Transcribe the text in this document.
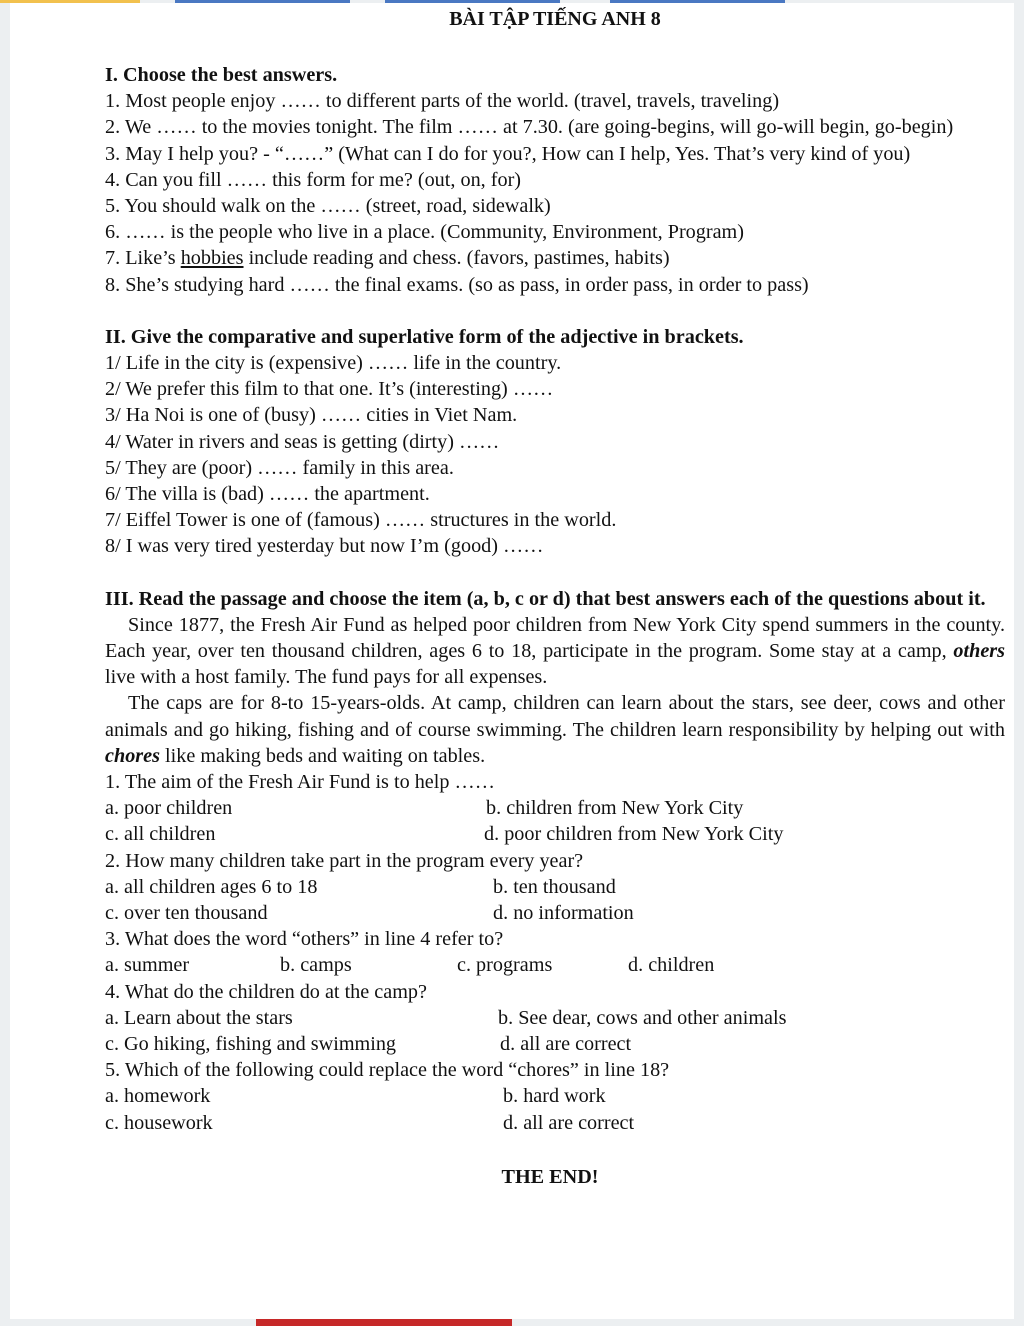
BÀI TẬP TIẾNG ANH 8
I. Choose the best answers.
1. Most people enjoy …… to different parts of the world. (travel, travels, traveling)
2. We …… to the movies tonight. The film …… at 7.30. (are going-begins, will go-will begin, go-begin)
3. May I help you? - “……” (What can I do for you?, How can I help, Yes. That’s very kind of you)
4. Can you fill …… this form for me? (out, on, for)
5. You should walk on the …… (street, road, sidewalk)
6. …… is the people who live in a place. (Community, Environment, Program)
7. Like’s hobbies include reading and chess. (favors, pastimes, habits)
8. She’s studying hard …… the final exams. (so as pass, in order pass, in order to pass)
II. Give the comparative and superlative form of the adjective in brackets.
1/ Life in the city is (expensive) …… life in the country.
2/ We prefer this film to that one. It’s (interesting) ……
3/ Ha Noi is one of (busy) …… cities in Viet Nam.
4/ Water in rivers and seas is getting (dirty) ……
5/ They are (poor) …… family in this area.
6/ The villa is (bad) …… the apartment.
7/ Eiffel Tower is one of (famous) …… structures in the world.
8/ I was very tired yesterday but now I’m (good) ……
III. Read the passage and choose the item (a, b, c or d) that best answers each of the questions about it.
Since 1877, the Fresh Air Fund as helped poor children from New York City spend summers in the county. Each year, over ten thousand children, ages 6 to 18, participate in the program. Some stay at a camp, others live with a host family. The fund pays for all expenses.
The caps are for 8-to 15-years-olds. At camp, children can learn about the stars, see deer, cows and other animals and go hiking, fishing and of course swimming. The children learn responsibility by helping out with chores like making beds and waiting on tables.
1. The aim of the Fresh Air Fund is to help ……
a. poor children	b. children from New York City
c. all children	d. poor children from New York City
2. How many children take part in the program every year?
a. all children ages 6 to 18	b. ten thousand
c. over ten thousand	d. no information
3. What does the word “others” in line 4 refer to?
a. summer	b. camps	c. programs	d. children
4. What do the children do at the camp?
a. Learn about the stars	b. See dear, cows and other animals
c. Go hiking, fishing and swimming	d. all are correct
5. Which of the following could replace the word “chores” in line 18?
a. homework	b. hard work
c. housework	d. all are correct
THE END!
